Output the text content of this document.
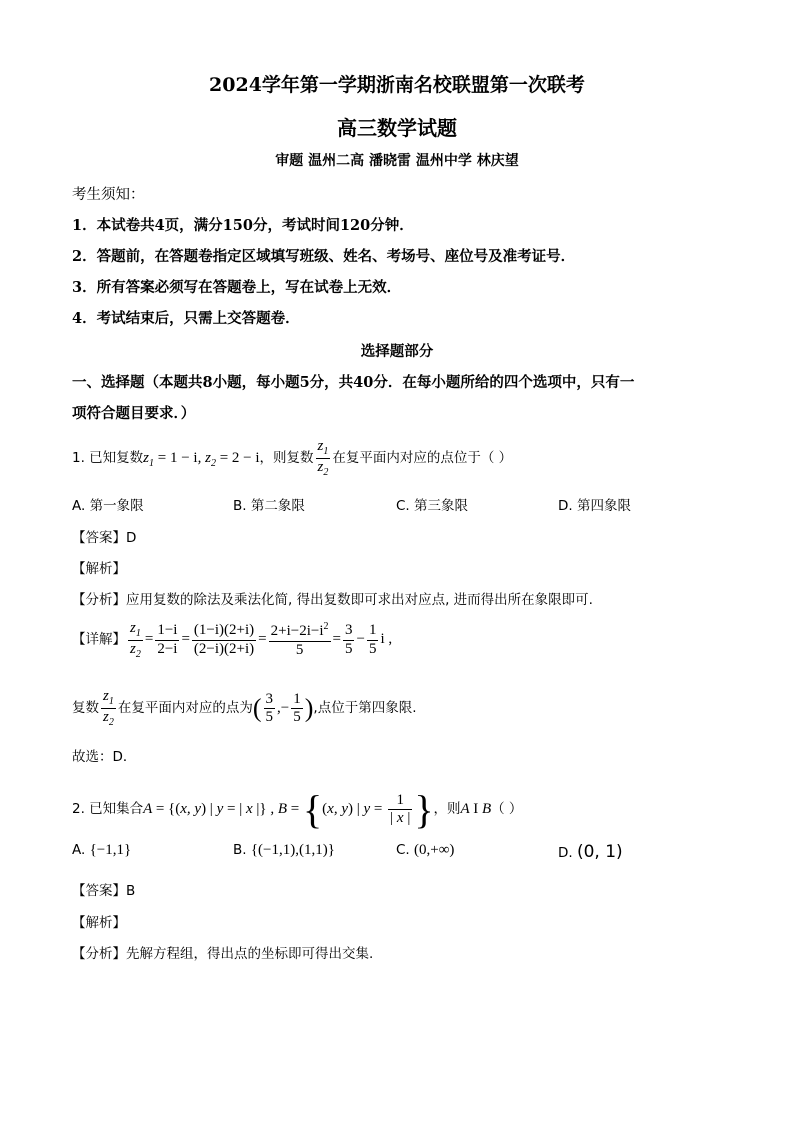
2024学年第一学期浙南名校联盟第一次联考
高三数学试题
审题 温州二高 潘晓雷 温州中学 林庆望
考生须知：
1．本试卷共4页，满分150分，考试时间120分钟．
2．答题前，在答题卷指定区域填写班级、姓名、考场号、座位号及准考证号．
3．所有答案必须写在答题卷上，写在试卷上无效．
4．考试结束后，只需上交答题卷．
选择题部分
一、选择题（本题共8小题，每小题5分，共40分．在每小题所给的四个选项中，只有一
项符合题目要求．）
1. 已知复数$z_1 = 1 - i$, $z_2 = 2 - i$，则复数 $\frac{z_1}{z_2}$ 在复平面内对应的点位于（ ）
A. 第一象限	B. 第二象限	C. 第三象限	D. 第四象限
【答案】D
【解析】
【分析】应用复数的除法及乘法化简, 得出复数即可求出对应点, 进而得出所在象限即可.
【详解】 $\frac{z_1}{z_2} = \frac{1-i}{2-i} = \frac{(1-i)(2+i)}{(2-i)(2+i)} = \frac{2+i-2i-i^2}{5} = \frac{3}{5} - \frac{1}{5}$ i ,
复数 $\frac{z_1}{z_2}$ 在复平面内对应的点为( $\frac{3}{5}$ ,− $\frac{1}{5}$ ),点位于第四象限.
故选：D．
2. 已知集合A = {(x, y) | y = | x |} , B = {(x, y) | $y = \frac{1}{| x |}$ }，则A I B（ ）
A. {−1,1}	B. {(−1,1),(1,1)}	C. (0,+∞)	D. (0, 1)
【答案】B
【解析】
【分析】先解方程组，得出点的坐标即可得出交集.
